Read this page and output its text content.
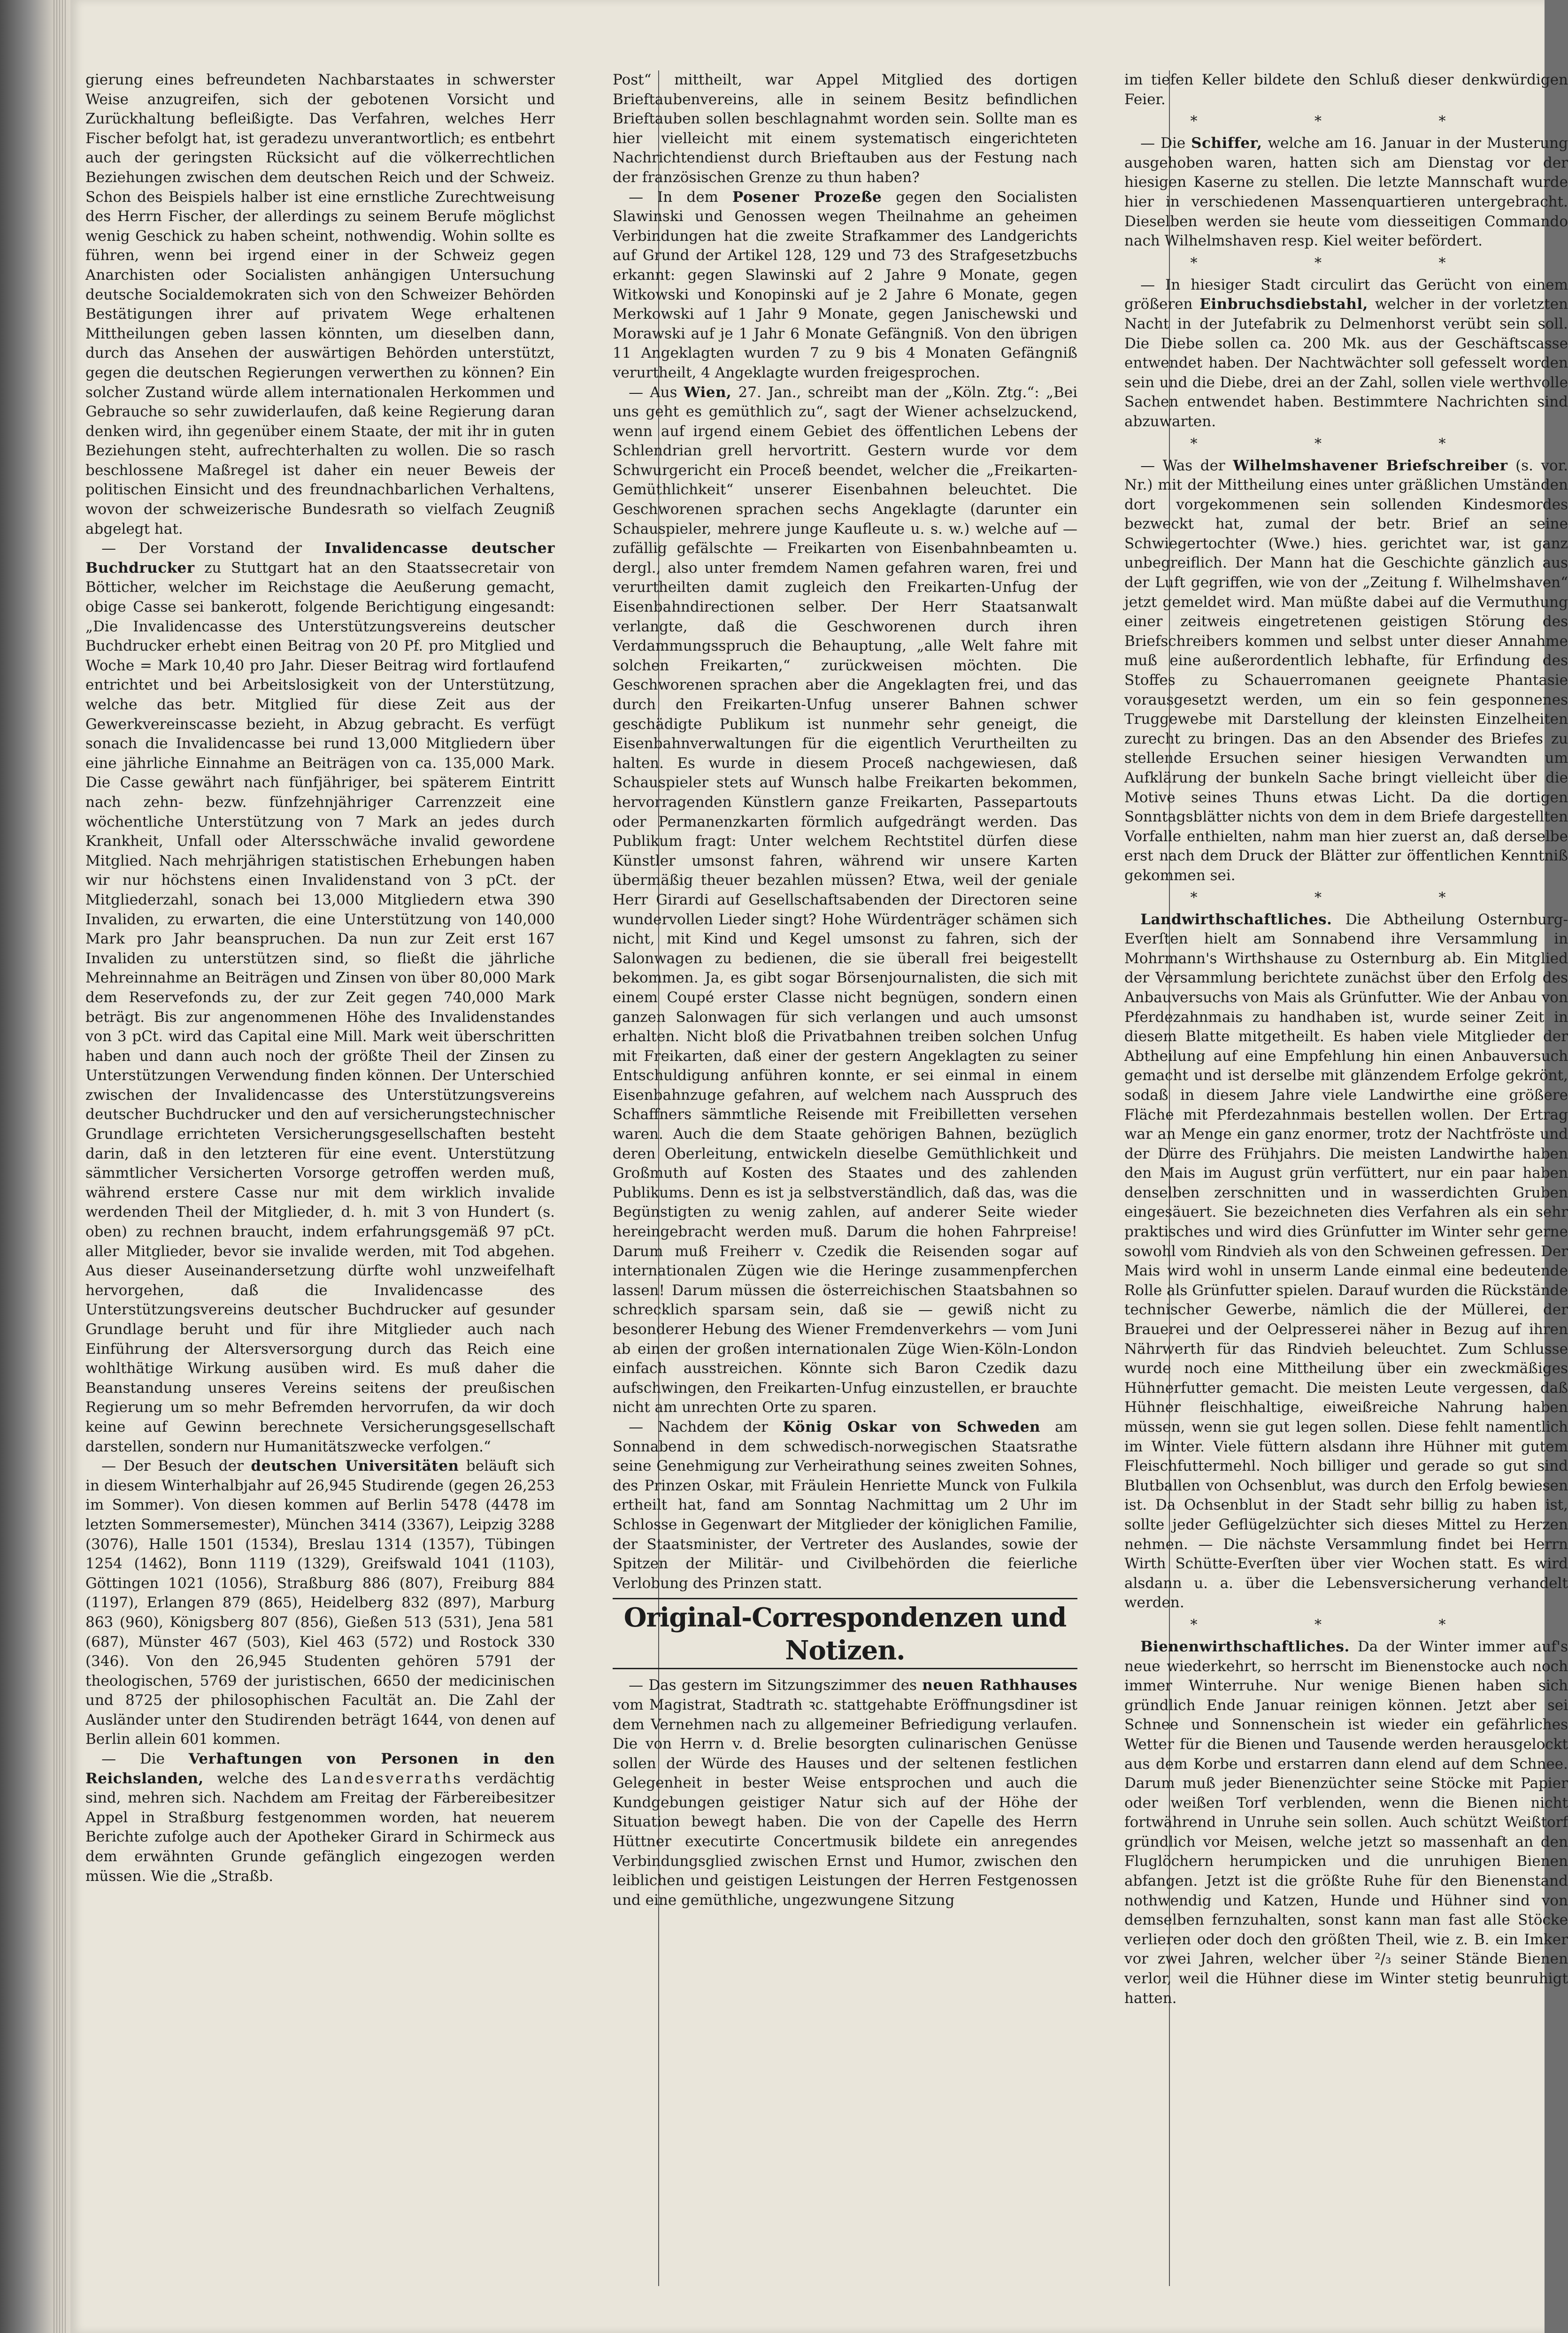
gierung eines befreundeten Nachbarstaates in schwerster Weise anzugreifen, sich der gebotenen Vorsicht und Zurückhaltung befleißigte. Das Verfahren, welches Herr Fischer befolgt hat, ist geradezu unverantwortlich; es entbehrt auch der geringsten Rücksicht auf die völkerrechtlichen Beziehungen zwischen dem deutschen Reich und der Schweiz. Schon des Beispiels halber ist eine ernstliche Zurechtweisung des Herrn Fischer, der allerdings zu seinem Berufe möglichst wenig Geschick zu haben scheint, nothwendig. Wohin sollte es führen, wenn bei irgend einer in der Schweiz gegen Anarchisten oder Socialisten anhängigen Untersuchung deutsche Socialdemokraten sich von den Schweizer Behörden Bestätigungen ihrer auf privatem Wege erhaltenen Mittheilungen geben lassen könnten, um dieselben dann, durch das Ansehen der auswärtigen Behörden unterstützt, gegen die deutschen Regierungen verwerthen zu können? Ein solcher Zustand würde allem internationalen Herkommen und Gebrauche so sehr zuwiderlaufen, daß keine Regierung daran denken wird, ihn gegenüber einem Staate, der mit ihr in guten Beziehungen steht, aufrechterhalten zu wollen. Die so rasch beschlossene Maßregel ist daher ein neuer Beweis der politischen Einsicht und des freundnachbarlichen Verhaltens, wovon der schweizerische Bundesrath so vielfach Zeugniß abgelegt hat.

— Der Vorstand der Invalidencasse deutscher Buchdrucker zu Stuttgart hat an den Staatssecretair von Bötticher, welcher im Reichstage die Aeußerung gemacht, obige Casse sei bankerott, folgende Berichtigung eingesandt: „Die Invalidencasse des Unterstützungsvereins deutscher Buchdrucker erhebt einen Beitrag von 20 Pf. pro Mitglied und Woche = Mark 10,40 pro Jahr. Dieser Beitrag wird fortlaufend entrichtet und bei Arbeitslosigkeit von der Unterstützung, welche das betr. Mitglied für diese Zeit aus der Gewerkvereinscasse bezieht, in Abzug gebracht. Es verfügt sonach die Invalidencasse bei rund 13,000 Mitgliedern über eine jährliche Einnahme an Beiträgen von ca. 135,000 Mark. Die Casse gewährt nach fünfjähriger, bei späterem Eintritt nach zehn- bezw. fünfzehnjähriger Carrenzzeit eine wöchentliche Unterstützung von 7 Mark an jedes durch Krankheit, Unfall oder Altersschwäche invalid gewordene Mitglied. Nach mehrjährigen statistischen Erhebungen haben wir nur höchstens einen Invalidenstand von 3 pCt. der Mitgliederzahl, sonach bei 13,000 Mitgliedern etwa 390 Invaliden, zu erwarten, die eine Unterstützung von 140,000 Mark pro Jahr beanspruchen. Da nun zur Zeit erst 167 Invaliden zu unterstützen sind, so fließt die jährliche Mehreinnahme an Beiträgen und Zinsen von über 80,000 Mark dem Reservefonds zu, der zur Zeit gegen 740,000 Mark beträgt. Bis zur angenommenen Höhe des Invalidenstandes von 3 pCt. wird das Capital eine Mill. Mark weit überschritten haben und dann auch noch der größte Theil der Zinsen zu Unterstützungen Verwendung finden können. Der Unterschied zwischen der Invalidencasse des Unterstützungsvereins deutscher Buchdrucker und den auf versicherungstechnischer Grundlage errichteten Versicherungsgesellschaften besteht darin, daß in den letzteren für eine event. Unterstützung sämmtlicher Versicherten Vorsorge getroffen werden muß, während erstere Casse nur mit dem wirklich invalide werdenden Theil der Mitglieder, d. h. mit 3 von Hundert (s. oben) zu rechnen braucht, indem erfahrungsgemäß 97 pCt. aller Mitglieder, bevor sie invalide werden, mit Tod abgehen. Aus dieser Auseinandersetzung dürfte wohl unzweifelhaft hervorgehen, daß die Invalidencasse des Unterstützungsvereins deutscher Buchdrucker auf gesunder Grundlage beruht und für ihre Mitglieder auch nach Einführung der Altersversorgung durch das Reich eine wohlthätige Wirkung ausüben wird. Es muß daher die Beanstandung unseres Vereins seitens der preußischen Regierung um so mehr Befremden hervorrufen, da wir doch keine auf Gewinn berechnete Versicherungsgesellschaft darstellen, sondern nur Humanitätszwecke verfolgen.“

— Der Besuch der deutschen Universitäten beläuft sich in diesem Winterhalbjahr auf 26,945 Studirende (gegen 26,253 im Sommer). Von diesen kommen auf Berlin 5478 (4478 im letzten Sommersemester), München 3414 (3367), Leipzig 3288 (3076), Halle 1501 (1534), Breslau 1314 (1357), Tübingen 1254 (1462), Bonn 1119 (1329), Greifswald 1041 (1103), Göttingen 1021 (1056), Straßburg 886 (807), Freiburg 884 (1197), Erlangen 879 (865), Heidelberg 832 (897), Marburg 863 (960), Königsberg 807 (856), Gießen 513 (531), Jena 581 (687), Münster 467 (503), Kiel 463 (572) und Rostock 330 (346). Von den 26,945 Studenten gehören 5791 der theologischen, 5769 der juristischen, 6650 der medicinischen und 8725 der philosophischen Facultät an. Die Zahl der Ausländer unter den Studirenden beträgt 1644, von denen auf Berlin allein 601 kommen.

— Die Verhaftungen von Personen in den Reichslanden, welche des Landesverraths verdächtig sind, mehren sich. Nachdem am Freitag der Färbereibesitzer Appel in Straßburg festgenommen worden, hat neuerem Berichte zufolge auch der Apotheker Girard in Schirmeck aus dem erwähnten Grunde gefänglich eingezogen werden müssen. Wie die „Straßb.

Post“ mittheilt, war Appel Mitglied des dortigen Brieftaubenvereins, alle in seinem Besitz befindlichen Brieftauben sollen beschlagnahmt worden sein. Sollte man es hier vielleicht mit einem systematisch eingerichteten Nachrichtendienst durch Brieftauben aus der Festung nach der französischen Grenze zu thun haben?

— In dem Posener Prozeße gegen den Socialisten Slawinski und Genossen wegen Theilnahme an geheimen Verbindungen hat die zweite Strafkammer des Landgerichts auf Grund der Artikel 128, 129 und 73 des Strafgesetzbuchs erkannt: gegen Slawinski auf 2 Jahre 9 Monate, gegen Witkowski und Konopinski auf je 2 Jahre 6 Monate, gegen Merkowski auf 1 Jahr 9 Monate, gegen Janischewski und Morawski auf je 1 Jahr 6 Monate Gefängniß. Von den übrigen 11 Angeklagten wurden 7 zu 9 bis 4 Monaten Gefängniß verurtheilt, 4 Angeklagte wurden freigesprochen.

— Aus Wien, 27. Jan., schreibt man der „Köln. Ztg.“: „Bei uns geht es gemüthlich zu“, sagt der Wiener achselzuckend, wenn auf irgend einem Gebiet des öffentlichen Lebens der Schlendrian grell hervortritt. Gestern wurde vor dem Schwurgericht ein Proceß beendet, welcher die „Freikarten-Gemüthlichkeit“ unserer Eisenbahnen beleuchtet. Die Geschworenen sprachen sechs Angeklagte (darunter ein Schauspieler, mehrere junge Kaufleute u. s. w.) welche auf — zufällig gefälschte — Freikarten von Eisenbahnbeamten u. dergl., also unter fremdem Namen gefahren waren, frei und verurtheilten damit zugleich den Freikarten-Unfug der Eisenbahndirectionen selber. Der Herr Staatsanwalt verlangte, daß die Geschworenen durch ihren Verdammungsspruch die Behauptung, „alle Welt fahre mit solchen Freikarten,“ zurückweisen möchten. Die Geschworenen sprachen aber die Angeklagten frei, und das durch den Freikarten-Unfug unserer Bahnen schwer geschädigte Publikum ist nunmehr sehr geneigt, die Eisenbahnverwaltungen für die eigentlich Verurtheilten zu halten. Es wurde in diesem Proceß nachgewiesen, daß Schauspieler stets auf Wunsch halbe Freikarten bekommen, hervorragenden Künstlern ganze Freikarten, Passepartouts oder Permanenzkarten förmlich aufgedrängt werden. Das Publikum fragt: Unter welchem Rechtstitel dürfen diese Künstler umsonst fahren, während wir unsere Karten übermäßig theuer bezahlen müssen? Etwa, weil der geniale Herr Girardi auf Gesellschaftsabenden der Directoren seine wundervollen Lieder singt? Hohe Würdenträger schämen sich nicht, mit Kind und Kegel umsonst zu fahren, sich der Salonwagen zu bedienen, die sie überall frei beigestellt bekommen. Ja, es gibt sogar Börsenjournalisten, die sich mit einem Coupé erster Classe nicht begnügen, sondern einen ganzen Salonwagen für sich verlangen und auch umsonst erhalten. Nicht bloß die Privatbahnen treiben solchen Unfug mit Freikarten, daß einer der gestern Angeklagten zu seiner Entschuldigung anführen konnte, er sei einmal in einem Eisenbahnzuge gefahren, auf welchem nach Ausspruch des Schaffners sämmtliche Reisende mit Freibilletten versehen waren. Auch die dem Staate gehörigen Bahnen, bezüglich deren Oberleitung, entwickeln dieselbe Gemüthlichkeit und Großmuth auf Kosten des Staates und des zahlenden Publikums. Denn es ist ja selbstverständlich, daß das, was die Begünstigten zu wenig zahlen, auf anderer Seite wieder hereingebracht werden muß. Darum die hohen Fahrpreise! Darum muß Freiherr v. Czedik die Reisenden sogar auf internationalen Zügen wie die Heringe zusammenpferchen lassen! Darum müssen die österreichischen Staatsbahnen so schrecklich sparsam sein, daß sie — gewiß nicht zu besonderer Hebung des Wiener Fremdenverkehrs — vom Juni ab einen der großen internationalen Züge Wien-Köln-London einfach ausstreichen. Könnte sich Baron Czedik dazu aufschwingen, den Freikarten-Unfug einzustellen, er brauchte nicht am unrechten Orte zu sparen.

— Nachdem der König Oskar von Schweden am Sonnabend in dem schwedisch-norwegischen Staatsrathe seine Genehmigung zur Verheirathung seines zweiten Sohnes, des Prinzen Oskar, mit Fräulein Henriette Munck von Fulkila ertheilt hat, fand am Sonntag Nachmittag um 2 Uhr im Schlosse in Gegenwart der Mitglieder der königlichen Familie, der Staatsminister, der Vertreter des Auslandes, sowie der Spitzen der Militär- und Civilbehörden die feierliche Verlobung des Prinzen statt.

Original-Correspondenzen und Notizen.

— Das gestern im Sitzungszimmer des neuen Rathhauses vom Magistrat, Stadtrath ꝛc. stattgehabte Eröffnungsdiner ist dem Vernehmen nach zu allgemeiner Befriedigung verlaufen. Die von Herrn v. d. Brelie besorgten culinarischen Genüsse sollen der Würde des Hauses und der seltenen festlichen Gelegenheit in bester Weise entsprochen und auch die Kundgebungen geistiger Natur sich auf der Höhe der Situation bewegt haben. Die von der Capelle des Herrn Hüttner executirte Concertmusik bildete ein anregendes Verbindungsglied zwischen Ernst und Humor, zwischen den leiblichen und geistigen Leistungen der Herren Festgenossen und eine gemüthliche, ungezwungene Sitzung

im tiefen Keller bildete den Schluß dieser denkwürdigen Feier.

* * *

— Die Schiffer, welche am 16. Januar in der Musterung ausgehoben waren, hatten sich am Dienstag vor der hiesigen Kaserne zu stellen. Die letzte Mannschaft wurde hier in verschiedenen Massenquartieren untergebracht. Dieselben werden sie heute vom diesseitigen Commando nach Wilhelmshaven resp. Kiel weiter befördert.

* * *

— In hiesiger Stadt circulirt das Gerücht von einem größeren Einbruchsdiebstahl, welcher in der vorletzten Nacht in der Jutefabrik zu Delmenhorst verübt sein soll. Die Diebe sollen ca. 200 Mk. aus der Geschäftscasse entwendet haben. Der Nachtwächter soll gefesselt worden sein und die Diebe, drei an der Zahl, sollen viele werthvolle Sachen entwendet haben. Bestimmtere Nachrichten sind abzuwarten.

* * *

— Was der Wilhelmshavener Briefschreiber (s. vor. Nr.) mit der Mittheilung eines unter gräßlichen Umständen dort vorgekommenen sein sollenden Kindesmordes bezweckt hat, zumal der betr. Brief an seine Schwiegertochter (Wwe.) hies. gerichtet war, ist ganz unbegreiflich. Der Mann hat die Geschichte gänzlich aus der Luft gegriffen, wie von der „Zeitung f. Wilhelmshaven“ jetzt gemeldet wird. Man müßte dabei auf die Vermuthung einer zeitweis eingetretenen geistigen Störung des Briefschreibers kommen und selbst unter dieser Annahme muß eine außerordentlich lebhafte, für Erfindung des Stoffes zu Schauerromanen geeignete Phantasie vorausgesetzt werden, um ein so fein gesponnenes Truggewebe mit Darstellung der kleinsten Einzelheiten zurecht zu bringen. Das an den Absender des Briefes zu stellende Ersuchen seiner hiesigen Verwandten um Aufklärung der bunkeln Sache bringt vielleicht über die Motive seines Thuns etwas Licht. Da die dortigen Sonntagsblätter nichts von dem in dem Briefe dargestellten Vorfalle enthielten, nahm man hier zuerst an, daß derselbe erst nach dem Druck der Blätter zur öffentlichen Kenntniß gekommen sei.

* * *

Landwirthschaftliches. Die Abtheilung Osternburg-Everſten hielt am Sonnabend ihre Versammlung in Mohrmann's Wirthshause zu Osternburg ab. Ein Mitglied der Versammlung berichtete zunächst über den Erfolg des Anbauversuchs von Mais als Grünfutter. Wie der Anbau von Pferdezahnmais zu handhaben ist, wurde seiner Zeit in diesem Blatte mitgetheilt. Es haben viele Mitglieder der Abtheilung auf eine Empfehlung hin einen Anbauversuch gemacht und ist derselbe mit glänzendem Erfolge gekrönt, sodaß in diesem Jahre viele Landwirthe eine größere Fläche mit Pferdezahnmais bestellen wollen. Der Ertrag war an Menge ein ganz enormer, trotz der Nachtfröste und der Dürre des Frühjahrs. Die meisten Landwirthe haben den Mais im August grün verfüttert, nur ein paar haben denselben zerschnitten und in wasserdichten Gruben eingesäuert. Sie bezeichneten dies Verfahren als ein sehr praktisches und wird dies Grünfutter im Winter sehr gerne sowohl vom Rindvieh als von den Schweinen gefressen. Der Mais wird wohl in unserm Lande einmal eine bedeutende Rolle als Grünfutter spielen. Darauf wurden die Rückstände technischer Gewerbe, nämlich die der Müllerei, der Brauerei und der Oelpresserei näher in Bezug auf ihren Nährwerth für das Rindvieh beleuchtet. Zum Schlusse wurde noch eine Mittheilung über ein zweckmäßiges Hühnerfutter gemacht. Die meisten Leute vergessen, daß Hühner fleischhaltige, eiweißreiche Nahrung haben müssen, wenn sie gut legen sollen. Diese fehlt namentlich im Winter. Viele füttern alsdann ihre Hühner mit gutem Fleischfuttermehl. Noch billiger und gerade so gut sind Blutballen von Ochsenblut, was durch den Erfolg bewiesen ist. Da Ochsenblut in der Stadt sehr billig zu haben ist, sollte jeder Geflügelzüchter sich dieses Mittel zu Herzen nehmen. — Die nächste Versammlung findet bei Herrn Wirth Schütte-Everſten über vier Wochen statt. Es wird alsdann u. a. über die Lebensversicherung verhandelt werden.

* * *

Bienenwirthschaftliches. Da der Winter immer auf's neue wiederkehrt, so herrscht im Bienenstocke auch noch immer Winterruhe. Nur wenige Bienen haben sich gründlich Ende Januar reinigen können. Jetzt aber sei Schnee und Sonnenschein ist wieder ein gefährliches Wetter für die Bienen und Tausende werden herausgelockt aus dem Korbe und erstarren dann elend auf dem Schnee. Darum muß jeder Bienenzüchter seine Stöcke mit Papier oder weißen Torf verblenden, wenn die Bienen nicht fortwährend in Unruhe sein sollen. Auch schützt Weißtorf gründlich vor Meisen, welche jetzt so massenhaft an den Fluglöchern herumpicken und die unruhigen Bienen abfangen. Jetzt ist die größte Ruhe für den Bienenstand nothwendig und Katzen, Hunde und Hühner sind von demselben fernzuhalten, sonst kann man fast alle Stöcke verlieren oder doch den größten Theil, wie z. B. ein Imker vor zwei Jahren, welcher über ²/₃ seiner Stände Bienen verlor, weil die Hühner diese im Winter stetig beunruhigt hatten.
